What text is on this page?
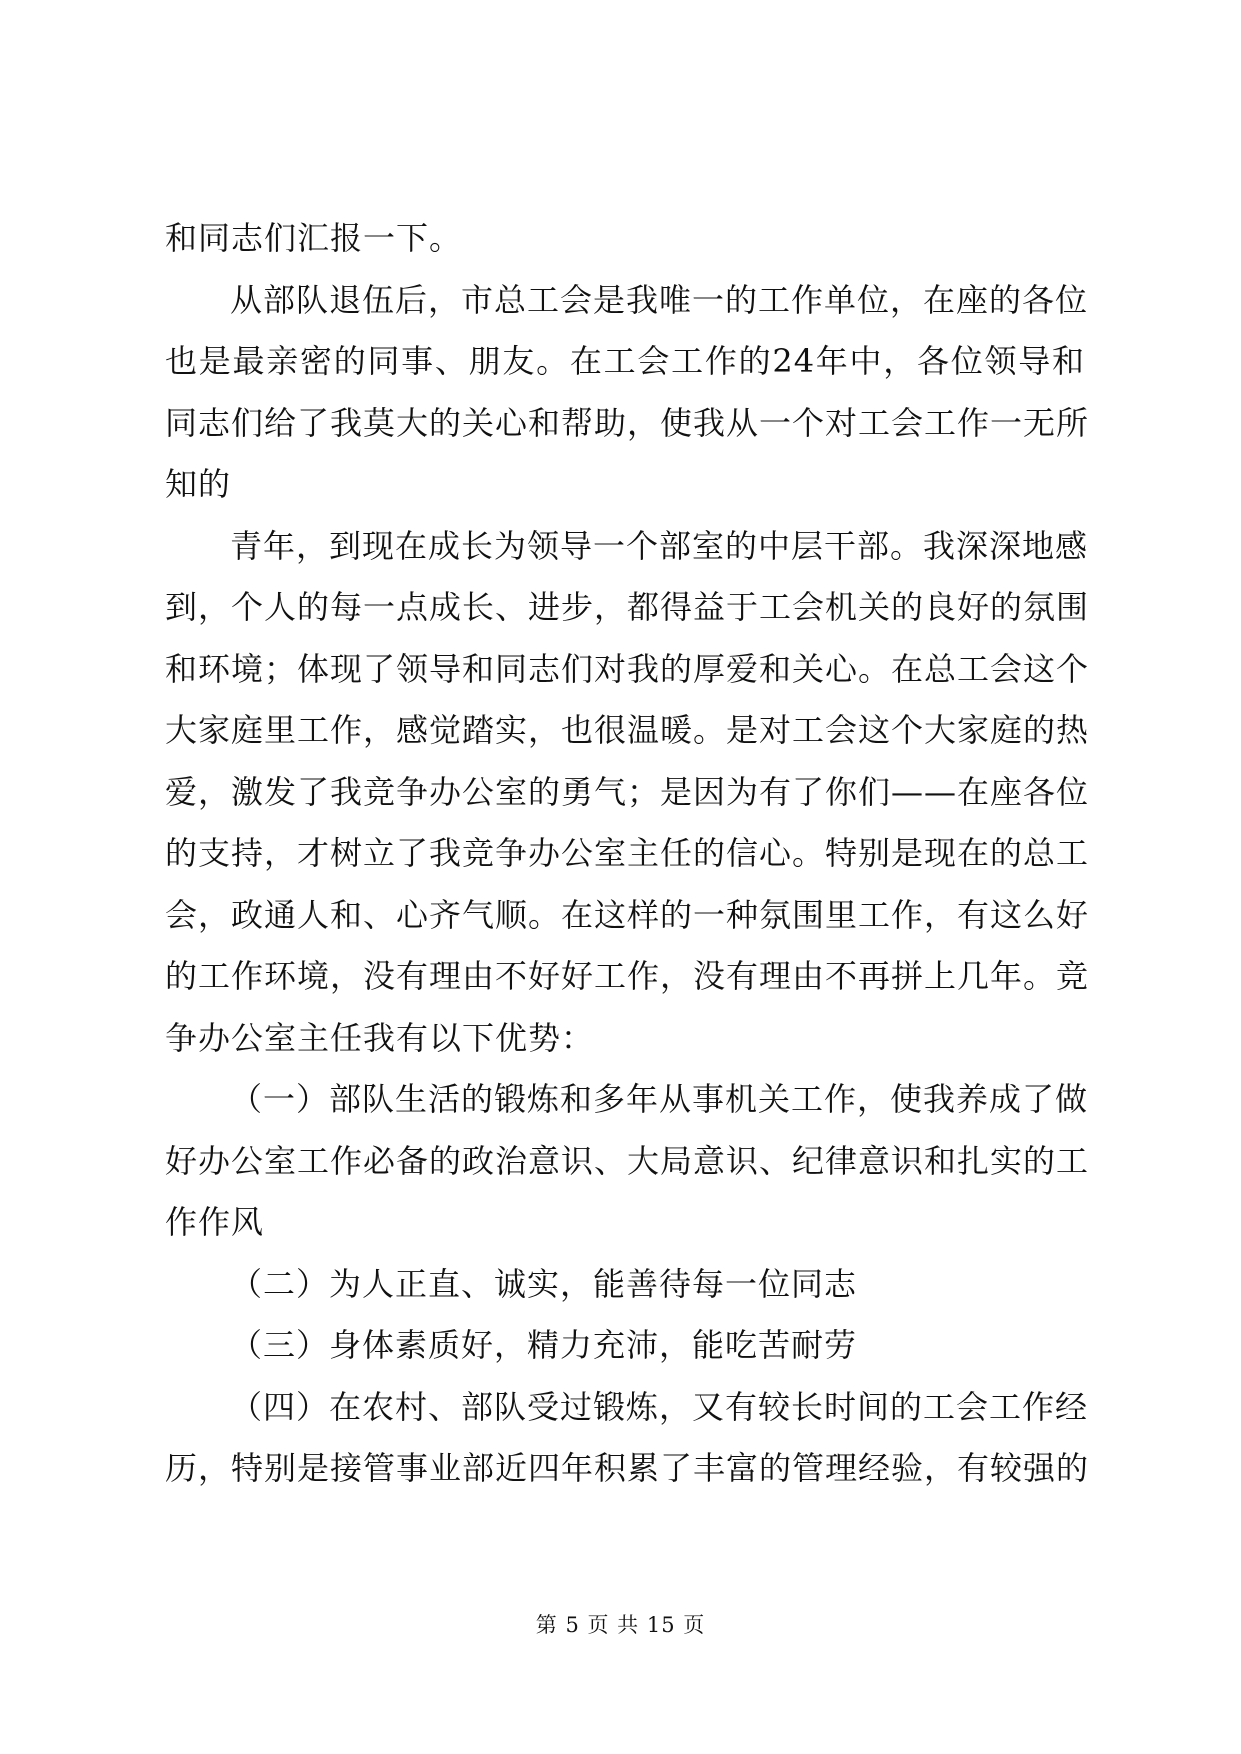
和同志们汇报一下。

从部队退伍后，市总工会是我唯一的工作单位，在座的各位
也是最亲密的同事、朋友。在工会工作的24年中，各位领导和
同志们给了我莫大的关心和帮助，使我从一个对工会工作一无所
知的

青年，到现在成长为领导一个部室的中层干部。我深深地感
到，个人的每一点成长、进步，都得益于工会机关的良好的氛围
和环境；体现了领导和同志们对我的厚爱和关心。在总工会这个
大家庭里工作，感觉踏实，也很温暖。是对工会这个大家庭的热
爱，激发了我竞争办公室的勇气；是因为有了你们——在座各位
的支持，才树立了我竞争办公室主任的信心。特别是现在的总工
会，政通人和、心齐气顺。在这样的一种氛围里工作，有这么好
的工作环境，没有理由不好好工作，没有理由不再拼上几年。竞
争办公室主任我有以下优势：

（一）部队生活的锻炼和多年从事机关工作，使我养成了做
好办公室工作必备的政治意识、大局意识、纪律意识和扎实的工
作作风

（二）为人正直、诚实，能善待每一位同志

（三）身体素质好，精力充沛，能吃苦耐劳

（四）在农村、部队受过锻炼，又有较长时间的工会工作经
历，特别是接管事业部近四年积累了丰富的管理经验，有较强的

第 5 页 共 15 页
